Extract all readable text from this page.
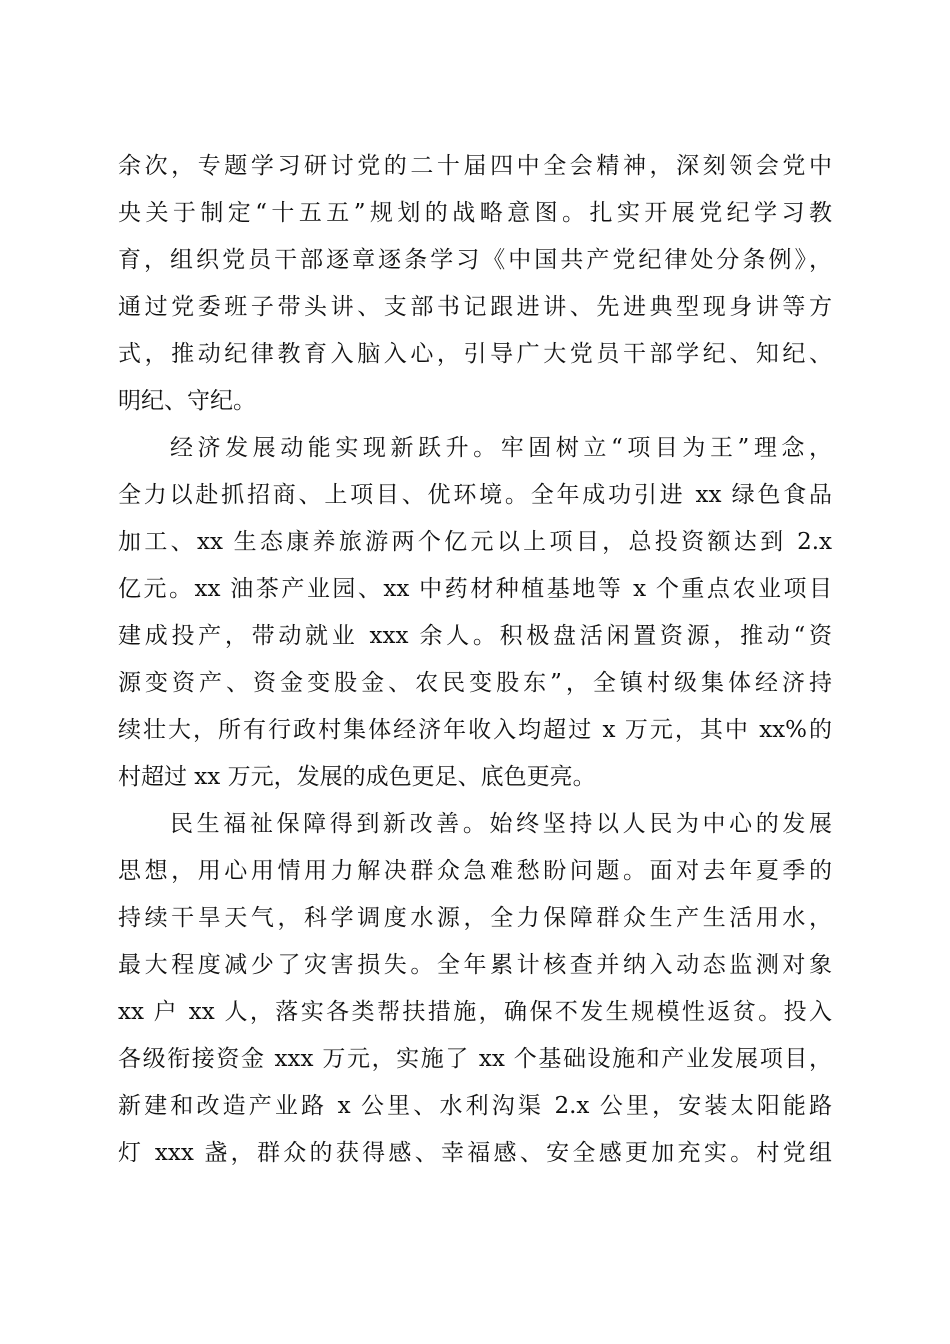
余次，专题学习研讨党的二十届四中全会精神，深刻领会党中
央关于制定“十五五”规划的战略意图。扎实开展党纪学习教
育，组织党员干部逐章逐条学习《中国共产党纪律处分条例》，
通过党委班子带头讲、支部书记跟进讲、先进典型现身讲等方
式，推动纪律教育入脑入心，引导广大党员干部学纪、知纪、
明纪、守纪。
经济发展动能实现新跃升。牢固树立“项目为王”理念，
全力以赴抓招商、上项目、优环境。全年成功引进 xx 绿色食品
加工、xx 生态康养旅游两个亿元以上项目，总投资额达到 2.x
亿元。xx 油茶产业园、xx 中药材种植基地等 x 个重点农业项目
建成投产，带动就业 xxx 余人。积极盘活闲置资源，推动“资
源变资产、资金变股金、农民变股东”，全镇村级集体经济持
续壮大，所有行政村集体经济年收入均超过 x 万元，其中 xx%的
村超过 xx 万元，发展的成色更足、底色更亮。
民生福祉保障得到新改善。始终坚持以人民为中心的发展
思想，用心用情用力解决群众急难愁盼问题。面对去年夏季的
持续干旱天气，科学调度水源，全力保障群众生产生活用水，
最大程度减少了灾害损失。全年累计核查并纳入动态监测对象
xx 户 xx 人，落实各类帮扶措施，确保不发生规模性返贫。投入
各级衔接资金 xxx 万元，实施了 xx 个基础设施和产业发展项目，
新建和改造产业路 x 公里、水利沟渠 2.x 公里，安装太阳能路
灯 xxx 盏，群众的获得感、幸福感、安全感更加充实。村党组
